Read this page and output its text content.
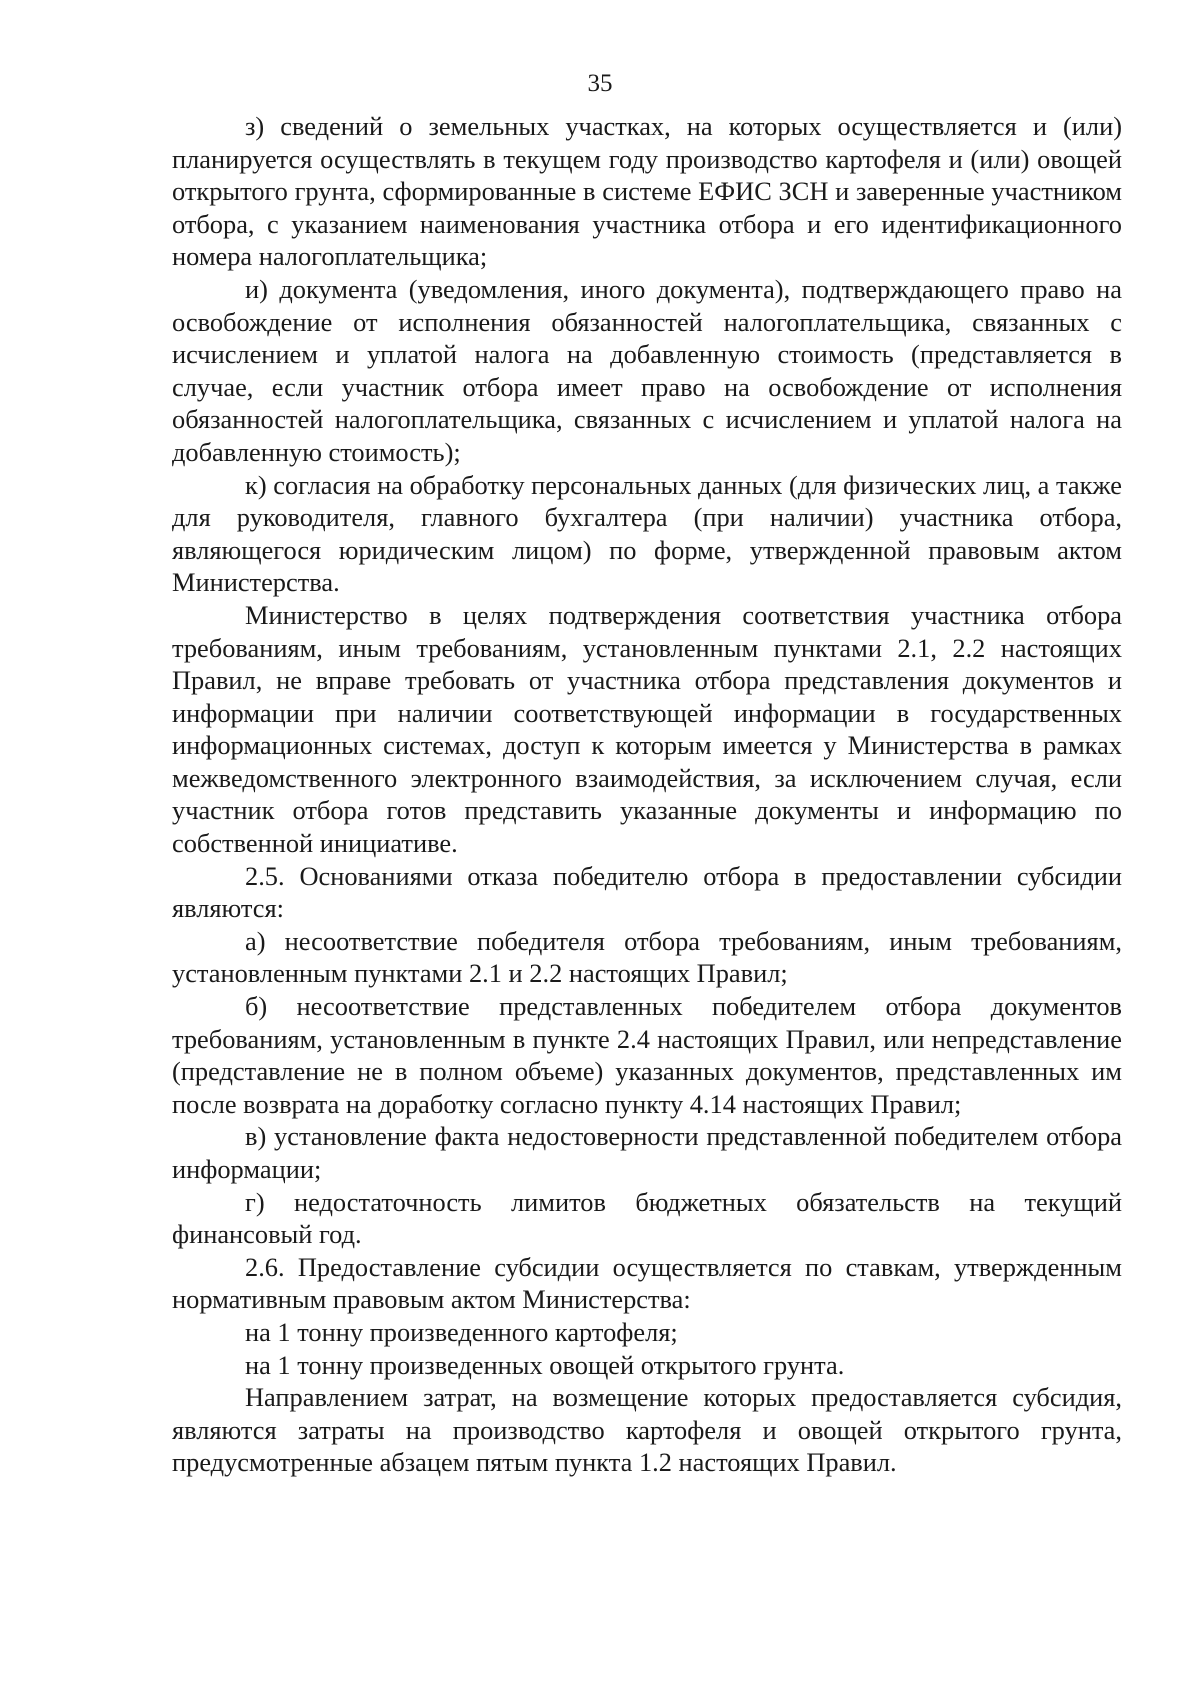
35

з) сведений о земельных участках, на которых осуществляется и (или) планируется осуществлять в текущем году производство картофеля и (или) овощей открытого грунта, сформированные в системе ЕФИС ЗСН и заверенные участником отбора, с указанием наименования участника отбора и его идентификационного номера налогоплательщика;

и) документа (уведомления, иного документа), подтверждающего право на освобождение от исполнения обязанностей налогоплательщика, связанных с исчислением и уплатой налога на добавленную стоимость (представляется в случае, если участник отбора имеет право на освобождение от исполнения обязанностей налогоплательщика, связанных с исчислением и уплатой налога на добавленную стоимость);

к) согласия на обработку персональных данных (для физических лиц, а также для руководителя, главного бухгалтера (при наличии) участника отбора, являющегося юридическим лицом) по форме, утвержденной правовым актом Министерства.

Министерство в целях подтверждения соответствия участника отбора требованиям, иным требованиям, установленным пунктами 2.1, 2.2 настоящих Правил, не вправе требовать от участника отбора представления документов и информации при наличии соответствующей информации в государственных информационных системах, доступ к которым имеется у Министерства в рамках межведомственного электронного взаимодействия, за исключением случая, если участник отбора готов представить указанные документы и информацию по собственной инициативе.

2.5. Основаниями отказа победителю отбора в предоставлении субсидии являются:

а) несоответствие победителя отбора требованиям, иным требованиям, установленным пунктами 2.1 и 2.2 настоящих Правил;

б) несоответствие представленных победителем отбора документов требованиям, установленным в пункте 2.4 настоящих Правил, или непредставление (представление не в полном объеме) указанных документов, представленных им после возврата на доработку согласно пункту 4.14 настоящих Правил;

в) установление факта недостоверности представленной победителем отбора информации;

г) недостаточность лимитов бюджетных обязательств на текущий финансовый год.

2.6. Предоставление субсидии осуществляется по ставкам, утвержденным нормативным правовым актом Министерства:

на 1 тонну произведенного картофеля;

на 1 тонну произведенных овощей открытого грунта.

Направлением затрат, на возмещение которых предоставляется субсидия, являются затраты на производство картофеля и овощей открытого грунта, предусмотренные абзацем пятым пункта 1.2 настоящих Правил.
